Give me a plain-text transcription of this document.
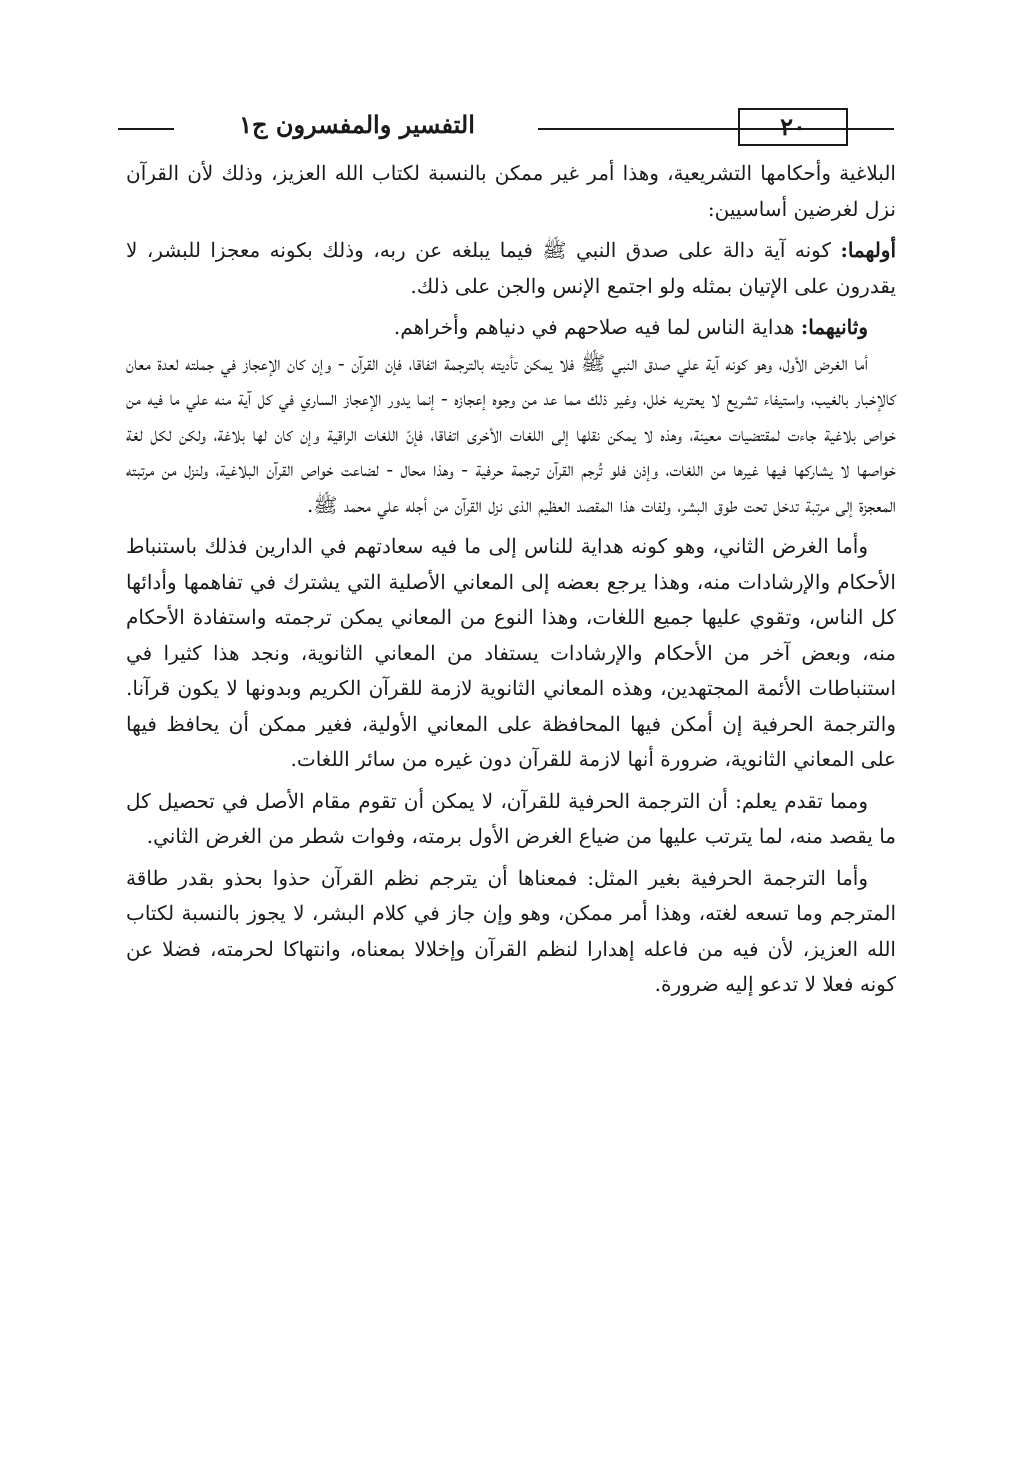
التفسير والمفسرون ج١	٢٠

البلاغية وأحكامها التشريعية، وهذا أمر غير ممكن بالنسبة لكتاب الله العزيز، وذلك لأن القرآن نزل لغرضين أساسيين:

أولهما: كونه آية دالة على صدق النبي ﷺ فيما يبلغه عن ربه، وذلك بكونه معجزا للبشر، لا يقدرون على الإتيان بمثله ولو اجتمع الإنس والجن على ذلك.

وثانيهما: هداية الناس لما فيه صلاحهم في دنياهم وأخراهم.

أما الغرض الأول، وهو كونه آية علي صدق النبي ﷺ فلا يمكن تأديته بالترجمة اتفاقا، فإن القرآن - وإن كان الإعجاز في جملته لعدة معان كالإخبار بالغيب، واستيفاء تشريع لا يعتريه خلل، وغير ذلك مما عد من وجوه إعجازه - إنما يدور الإعجاز الساري في كل آية منه علي ما فيه من خواص بلاغية جاءت لمقتضيات معينة، وهذه لا يمكن نقلها إلى اللغات الأخرى اتفاقا، فإنّ اللغات الراقية وإن كان لها بلاغة، ولكن لكل لغة خواصها لا يشاركها فيها غيرها من اللغات، وإذن فلو تُرجم القرآن ترجمة حرفية - وهذا محال - لضاعت خواص القرآن البلاغية، ولنزل من مرتبته المعجزة إلى مرتبة تدخل تحت طوق البشر، ولفات هذا المقصد العظيم الذى نزل القرآن من أجله علي محمد ﷺ.

وأما الغرض الثاني، وهو كونه هداية للناس إلى ما فيه سعادتهم في الدارين فذلك باستنباط الأحكام والإرشادات منه، وهذا يرجع بعضه إلى المعاني الأصلية التي يشترك في تفاهمها وأدائها كل الناس، وتقوي عليها جميع اللغات، وهذا النوع من المعاني يمكن ترجمته واستفادة الأحكام منه، وبعض آخر من الأحكام والإرشادات يستفاد من المعاني الثانوية، ونجد هذا كثيرا في استنباطات الأئمة المجتهدين، وهذه المعاني الثانوية لازمة للقرآن الكريم وبدونها لا يكون قرآنا. والترجمة الحرفية إن أمكن فيها المحافظة على المعاني الأولية، فغير ممكن أن يحافظ فيها على المعاني الثانوية، ضرورة أنها لازمة للقرآن دون غيره من سائر اللغات.

ومما تقدم يعلم: أن الترجمة الحرفية للقرآن، لا يمكن أن تقوم مقام الأصل في تحصيل كل ما يقصد منه، لما يترتب عليها من ضياع الغرض الأول برمته، وفوات شطر من الغرض الثاني.

وأما الترجمة الحرفية بغير المثل: فمعناها أن يترجم نظم القرآن حذوا بحذو بقدر طاقة المترجم وما تسعه لغته، وهذا أمر ممكن، وهو وإن جاز في كلام البشر، لا يجوز بالنسبة لكتاب الله العزيز، لأن فيه من فاعله إهدارا لنظم القرآن وإخلالا بمعناه، وانتهاكا لحرمته، فضلا عن كونه فعلا لا تدعو إليه ضرورة.
